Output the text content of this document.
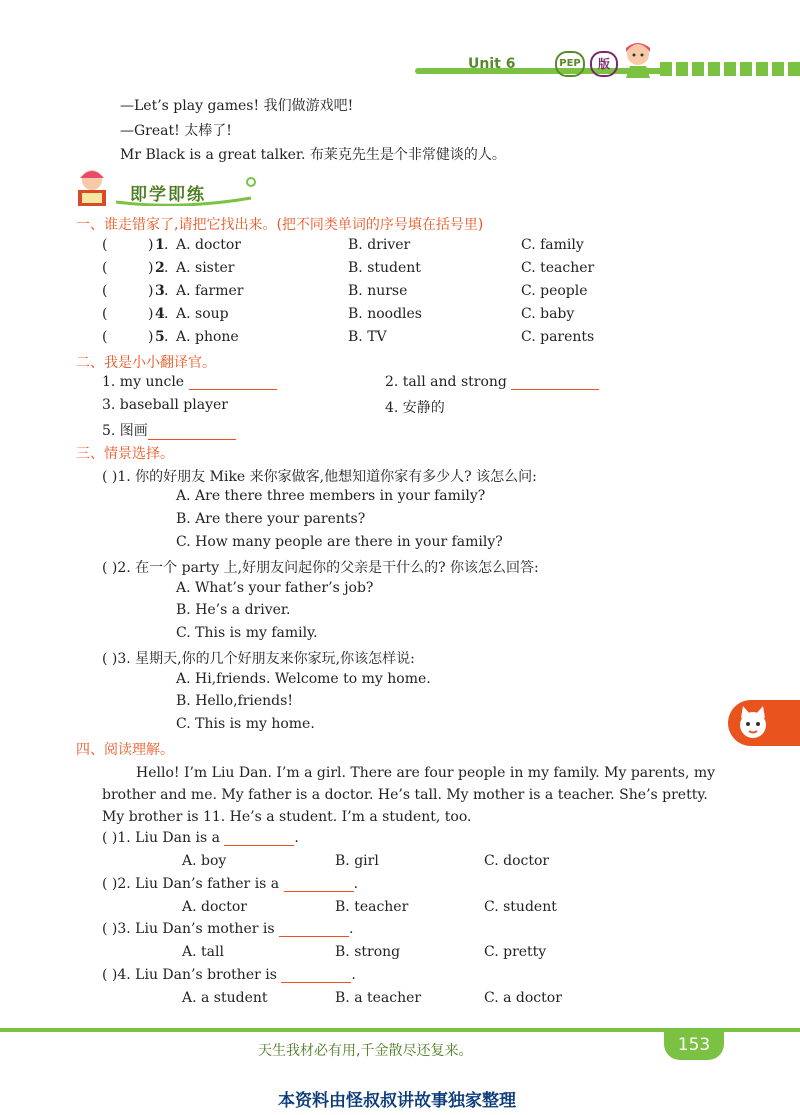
Unit 6	PEP	版
—Let’s play games! 我们做游戏吧!
—Great! 太棒了!
Mr Black is a great talker. 布莱克先生是个非常健谈的人。
即学即练
一、谁走错家了,请把它找出来。(把不同类单词的序号填在括号里)
(	) 1 . A. doctor	B. driver	C. family
(	) 2 . A. sister	B. student	C. teacher
(	) 3 . A. farmer	B. nurse	C. people
(	) 4 . A. soup	B. noodles	C. baby
(	) 5 . A. phone	B. TV	C. parents
二、我是小小翻译官。
1. my uncle	2. tall and strong
3. baseball player	4. 安静的
5. 图画
三、情景选择。
( )1. 你的好朋友 Mike 来你家做客,他想知道你家有多少人? 该怎么问:
A. Are there three members in your family?
B. Are there your parents?
C. How many people are there in your family?
( )2. 在一个 party 上,好朋友问起你的父亲是干什么的? 你该怎么回答:
A. What’s your father’s job?
B. He’s a driver.
C. This is my family.
( )3. 星期天,你的几个好朋友来你家玩,你该怎样说:
A. Hi,friends. Welcome to my home.
B. Hello,friends!
C. This is my home.
四、阅读理解。
Hello! I’m Liu Dan. I’m a girl. There are four people in my family. My parents, my brother and me. My father is a doctor. He’s tall. My mother is a teacher. She’s pretty. My brother is 11. He’s a student. I’m a student, too.
( )1. Liu Dan is a	.
A. boy	B. girl	C. doctor
( )2. Liu Dan’s father is a	.
A. doctor	B. teacher	C. student
( )3. Liu Dan’s mother is	.
A. tall	B. strong	C. pretty
( )4. Liu Dan’s brother is	.
A. a student	B. a teacher	C. a doctor
天生我材必有用,千金散尽还复来。	153
本资料由怪叔叔讲故事独家整理
